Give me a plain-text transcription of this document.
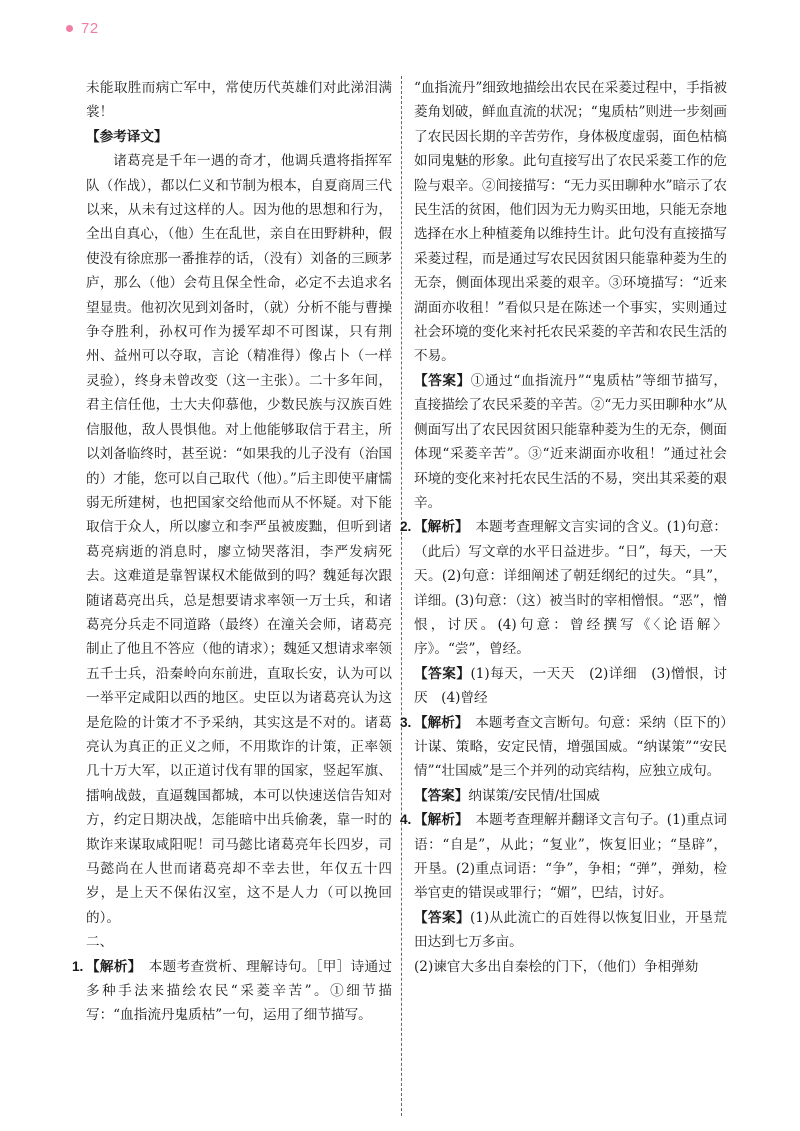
72

未能取胜而病亡军中，常使历代英雄们对此涕泪满裳！

【参考译文】

诸葛亮是千年一遇的奇才，他调兵遣将指挥军队（作战），都以仁义和节制为根本，自夏商周三代以来，从未有过这样的人。因为他的思想和行为，全出自真心，（他）生在乱世，亲自在田野耕种，假使没有徐庶那一番推荐的话，（没有）刘备的三顾茅庐，那么（他）会苟且保全性命，必定不去追求名望显贵。他初次见到刘备时，（就）分析不能与曹操争夺胜利，孙权可作为援军却不可图谋，只有荆州、益州可以夺取，言论（精准得）像占卜（一样灵验），终身未曾改变（这一主张）。二十多年间，君主信任他，士大夫仰慕他，少数民族与汉族百姓信服他，敌人畏惧他。对上他能够取信于君主，所以刘备临终时，甚至说：“如果我的儿子没有（治国的）才能，您可以自己取代（他）。”后主即使平庸懦弱无所建树，也把国家交给他而从不怀疑。对下能取信于众人，所以廖立和李严虽被废黜，但听到诸葛亮病逝的消息时，廖立恸哭落泪，李严发病死去。这难道是靠智谋权术能做到的吗？魏延每次跟随诸葛亮出兵，总是想要请求率领一万士兵，和诸葛亮分兵走不同道路（最终）在潼关会师，诸葛亮制止了他且不答应（他的请求）；魏延又想请求率领五千士兵，沿秦岭向东前进，直取长安，认为可以一举平定咸阳以西的地区。史臣以为诸葛亮认为这是危险的计策才不予采纳，其实这是不对的。诸葛亮认为真正的正义之师，不用欺诈的计策，正率领几十万大军，以正道讨伐有罪的国家，竖起军旗、擂响战鼓，直逼魏国都城，本可以快速送信告知对方，约定日期决战，怎能暗中出兵偷袭，靠一时的欺诈来谋取咸阳呢！司马懿比诸葛亮年长四岁，司马懿尚在人世而诸葛亮却不幸去世，年仅五十四岁，是上天不保佑汉室，这不是人力（可以挽回的）。

二、

1. 【解析】　 本题考查赏析、理解诗句。［甲］诗通过多种手法来描绘农民“采菱辛苦”。①细节描写：“血指流丹鬼质枯”一句，运用了细节描写。

“血指流丹”细致地描绘出农民在采菱过程中，手指被菱角划破，鲜血直流的状况；“鬼质枯”则进一步刻画了农民因长期的辛苦劳作，身体极度虚弱，面色枯槁如同鬼魅的形象。此句直接写出了农民采菱工作的危险与艰辛。②间接描写：“无力买田聊种水”暗示了农民生活的贫困，他们因为无力购买田地，只能无奈地选择在水上种植菱角以维持生计。此句没有直接描写采菱过程，而是通过写农民因贫困只能靠种菱为生的无奈，侧面体现出采菱的艰辛。③环境描写：“近来湖面亦收租！”看似只是在陈述一个事实，实则通过社会环境的变化来衬托农民采菱的辛苦和农民生活的不易。

【答案】①通过“血指流丹”“鬼质枯”等细节描写，直接描绘了农民采菱的辛苦。②“无力买田聊种水”从侧面写出了农民因贫困只能靠种菱为生的无奈，侧面体现“采菱辛苦”。③“近来湖面亦收租！”通过社会环境的变化来衬托农民生活的不易，突出其采菱的艰辛。

2. 【解析】　 本题考查理解文言实词的含义。(1)句意：（此后）写文章的水平日益进步。“日”，每天，一天天。(2)句意：详细阐述了朝廷纲纪的过失。“具”，详细。(3)句意：（这）被当时的宰相憎恨。“恶”，憎恨，讨厌。(4)句意：曾经撰写《〈论语解〉序》。“尝”，曾经。

【答案】(1)每天，一天天　(2)详细　(3)憎恨，讨厌　(4)曾经

3. 【解析】　 本题考查文言断句。句意：采纳（臣下的）计谋、策略，安定民情，增强国威。“纳谋策”“安民情”“壮国威”是三个并列的动宾结构，应独立成句。

【答案】纳谋策/安民情/壮国威

4. 【解析】　 本题考查理解并翻译文言句子。(1)重点词语：“自是”，从此；“复业”，恢复旧业；“垦辟”，开垦。(2)重点词语：“争”，争相；“弹”，弹劾，检举官吏的错误或罪行；“媚”，巴结，讨好。

【答案】(1)从此流亡的百姓得以恢复旧业，开垦荒田达到七万多亩。

(2)谏官大多出自秦桧的门下，（他们）争相弹劾
